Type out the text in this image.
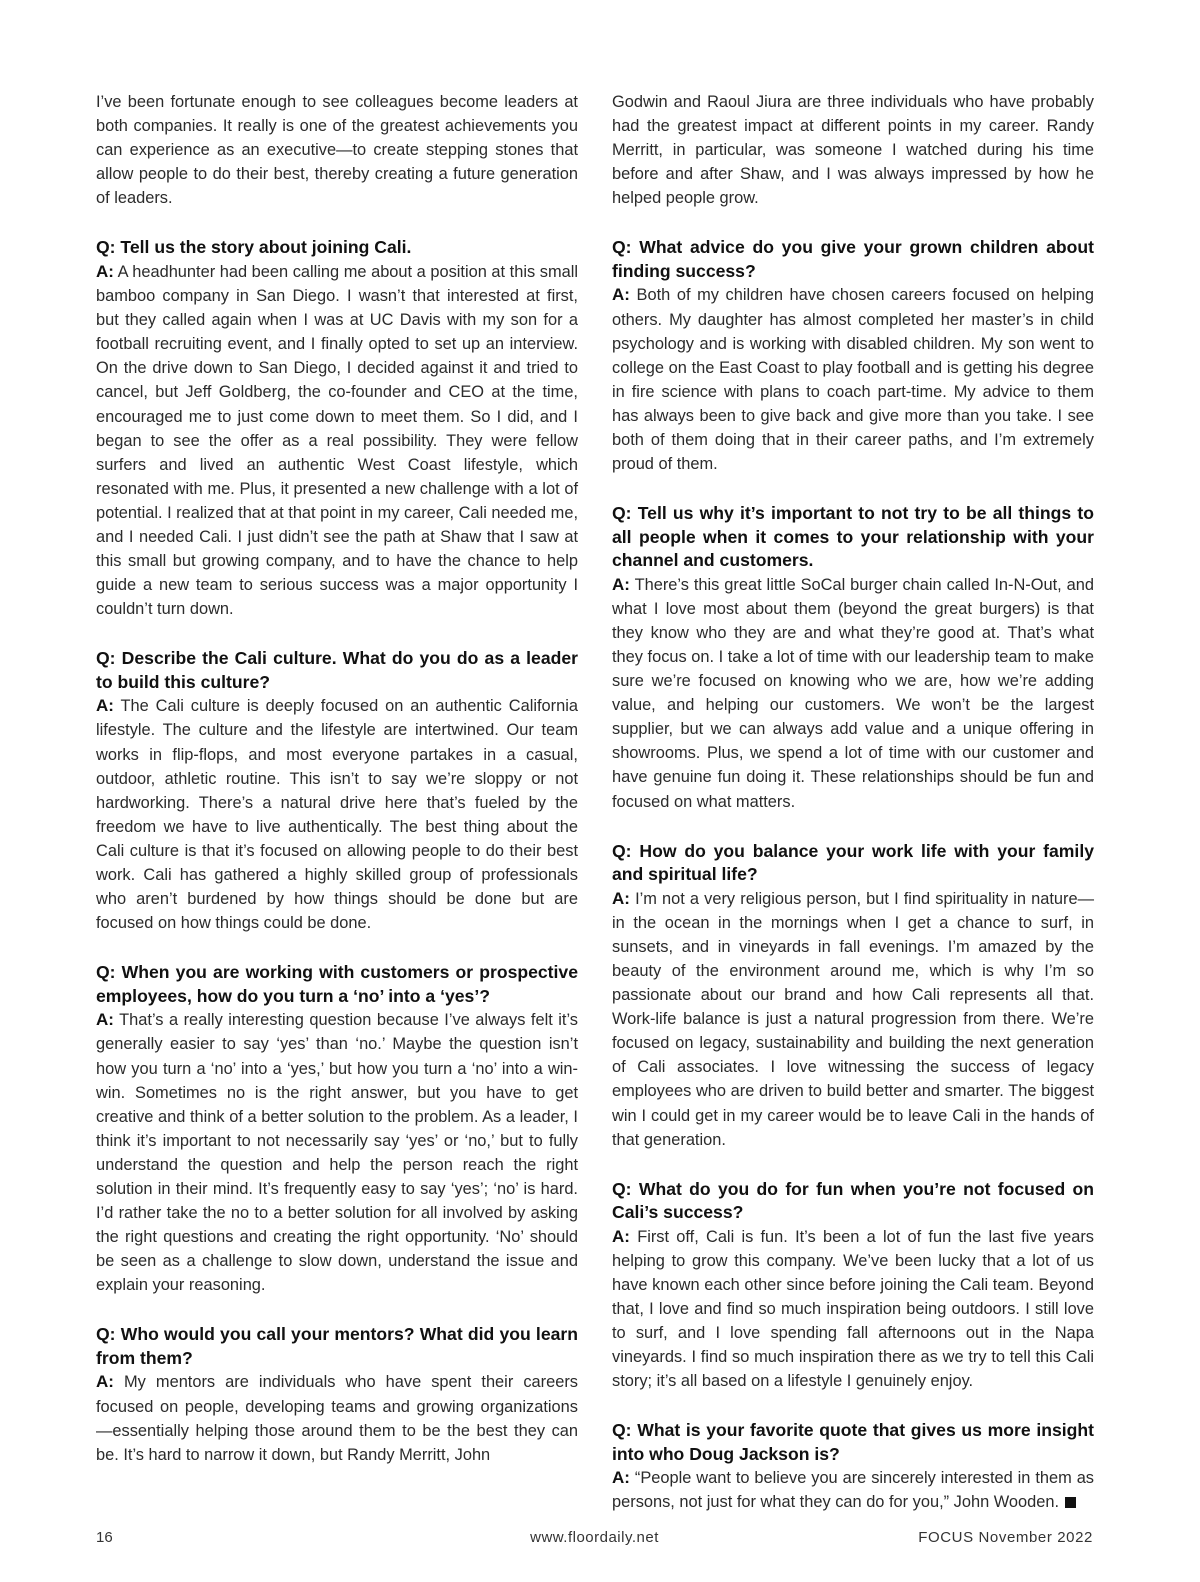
I’ve been fortunate enough to see colleagues become leaders at both companies. It really is one of the greatest achievements you can experience as an executive—to create stepping stones that allow people to do their best, thereby creating a future generation of leaders.

Q: Tell us the story about joining Cali.

A: A headhunter had been calling me about a position at this small bamboo company in San Diego. I wasn’t that interested at first, but they called again when I was at UC Davis with my son for a football recruiting event, and I finally opted to set up an interview. On the drive down to San Diego, I decided against it and tried to cancel, but Jeff Goldberg, the co-founder and CEO at the time, encouraged me to just come down to meet them. So I did, and I began to see the offer as a real possibility. They were fellow surfers and lived an authentic West Coast lifestyle, which resonated with me. Plus, it presented a new challenge with a lot of potential. I realized that at that point in my career, Cali needed me, and I needed Cali. I just didn’t see the path at Shaw that I saw at this small but growing company, and to have the chance to help guide a new team to serious success was a major opportunity I couldn’t turn down.

Q: Describe the Cali culture. What do you do as a leader to build this culture?

A: The Cali culture is deeply focused on an authentic California lifestyle. The culture and the lifestyle are intertwined. Our team works in flip-flops, and most everyone partakes in a casual, outdoor, athletic routine. This isn’t to say we’re sloppy or not hardworking. There’s a natural drive here that’s fueled by the freedom we have to live authentically. The best thing about the Cali culture is that it’s focused on allowing people to do their best work. Cali has gathered a highly skilled group of professionals who aren’t burdened by how things should be done but are focused on how things could be done.

Q: When you are working with customers or prospective employees, how do you turn a ‘no’ into a ‘yes’?

A: That’s a really interesting question because I’ve always felt it’s generally easier to say ‘yes’ than ‘no.’ Maybe the question isn’t how you turn a ‘no’ into a ‘yes,’ but how you turn a ‘no’ into a win-win. Sometimes no is the right answer, but you have to get creative and think of a better solution to the problem. As a leader, I think it’s important to not necessarily say ‘yes’ or ‘no,’ but to fully understand the question and help the person reach the right solution in their mind. It’s frequently easy to say ‘yes’; ‘no’ is hard. I’d rather take the no to a better solution for all involved by asking the right questions and creating the right opportunity. ‘No’ should be seen as a challenge to slow down, understand the issue and explain your reasoning.

Q: Who would you call your mentors? What did you learn from them?

A: My mentors are individuals who have spent their careers focused on people, developing teams and growing organizations—essentially helping those around them to be the best they can be. It’s hard to narrow it down, but Randy Merritt, John

Godwin and Raoul Jiura are three individuals who have probably had the greatest impact at different points in my career. Randy Merritt, in particular, was someone I watched during his time before and after Shaw, and I was always impressed by how he helped people grow.

Q: What advice do you give your grown children about finding success?

A: Both of my children have chosen careers focused on helping others. My daughter has almost completed her master’s in child psychology and is working with disabled children. My son went to college on the East Coast to play football and is getting his degree in fire science with plans to coach part-time. My advice to them has always been to give back and give more than you take. I see both of them doing that in their career paths, and I’m extremely proud of them.

Q: Tell us why it’s important to not try to be all things to all people when it comes to your relationship with your channel and customers.

A: There’s this great little SoCal burger chain called In-N-Out, and what I love most about them (beyond the great burgers) is that they know who they are and what they’re good at. That’s what they focus on. I take a lot of time with our leadership team to make sure we’re focused on knowing who we are, how we’re adding value, and helping our customers. We won’t be the largest supplier, but we can always add value and a unique offering in showrooms. Plus, we spend a lot of time with our customer and have genuine fun doing it. These relationships should be fun and focused on what matters.

Q: How do you balance your work life with your family and spiritual life?

A: I’m not a very religious person, but I find spirituality in nature—in the ocean in the mornings when I get a chance to surf, in sunsets, and in vineyards in fall evenings. I’m amazed by the beauty of the environment around me, which is why I’m so passionate about our brand and how Cali represents all that. Work-life balance is just a natural progression from there. We’re focused on legacy, sustainability and building the next generation of Cali associates. I love witnessing the success of legacy employees who are driven to build better and smarter. The biggest win I could get in my career would be to leave Cali in the hands of that generation.

Q: What do you do for fun when you’re not focused on Cali’s success?

A: First off, Cali is fun. It’s been a lot of fun the last five years helping to grow this company. We’ve been lucky that a lot of us have known each other since before joining the Cali team. Beyond that, I love and find so much inspiration being outdoors. I still love to surf, and I love spending fall afternoons out in the Napa vineyards. I find so much inspiration there as we try to tell this Cali story; it’s all based on a lifestyle I genuinely enjoy.

Q: What is your favorite quote that gives us more insight into who Doug Jackson is?

A: “People want to believe you are sincerely interested in them as persons, not just for what they can do for you,” John Wooden.

16	www.floordaily.net	FOCUS November 2022
